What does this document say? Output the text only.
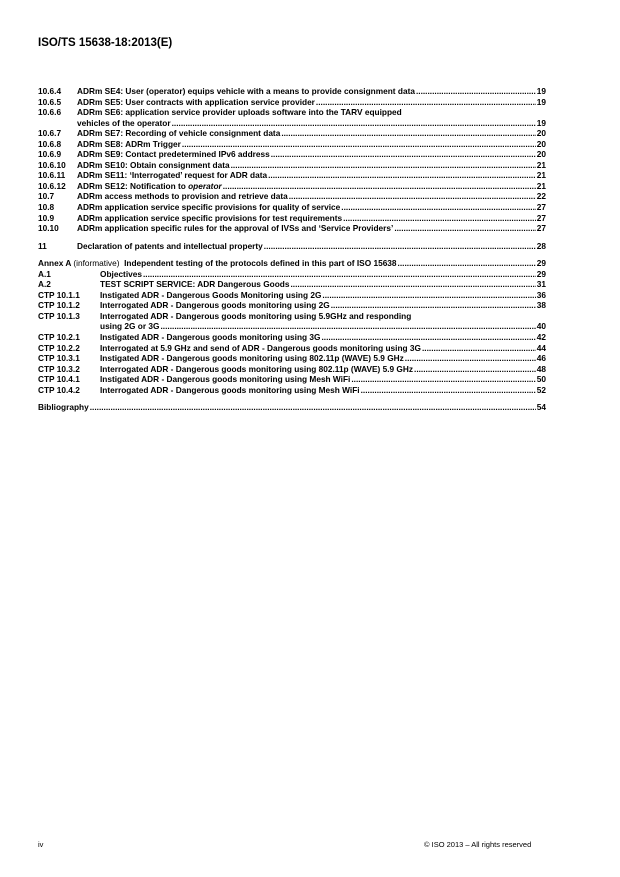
ISO/TS 15638-18:2013(E)
10.6.4	ADRm SE4: User (operator) equips vehicle with a means to provide consignment data .....	19
10.6.5	ADRm SE5: User contracts with application service provider .....	19
10.6.6	ADRm SE6: application service provider uploads software into the TARV equipped
vehicles of the operator .....	19
10.6.7	ADRm SE7: Recording of vehicle consignment data .....	20
10.6.8	ADRm SE8: ADRm Trigger .....	20
10.6.9	ADRm SE9: Contact predetermined IPv6 address .....	20
10.6.10	ADRm SE10: Obtain consignment data .....	21
10.6.11	ADRm SE11: ‘Interrogated’ request for ADR data .....	21
10.6.12	ADRm SE12: Notification to operator .....	21
10.7	ADRm access methods to provision and retrieve data .....	22
10.8	ADRm application service specific provisions for quality of service .....	27
10.9	ADRm application service specific provisions for test requirements .....	27
10.10	ADRm application specific rules for the approval of IVSs and ‘Service Providers’ .....	27
11	Declaration of patents and intellectual property .....	28
Annex A (informative) Independent testing of the protocols defined in this part of ISO 15638 .....	29
A.1	Objectives .....	29
A.2	TEST SCRIPT SERVICE: ADR Dangerous Goods .....	31
CTP 10.1.1	Instigated ADR - Dangerous Goods Monitoring using 2G .....	36
CTP 10.1.2	Interrogated ADR - Dangerous goods monitoring using 2G .....	38
CTP 10.1.3	Interrogated ADR - Dangerous goods monitoring using 5.9GHz and responding
using 2G or 3G .....	40
CTP 10.2.1	Instigated ADR - Dangerous goods monitoring using 3G .....	42
CTP 10.2.2	Interrogated at 5.9 GHz and send of ADR - Dangerous goods monitoring using 3G .....	44
CTP 10.3.1	Instigated ADR - Dangerous goods monitoring using 802.11p (WAVE) 5.9 GHz .....	46
CTP 10.3.2	Interrogated ADR - Dangerous goods monitoring using 802.11p (WAVE) 5.9 GHz .....	48
CTP 10.4.1	Instigated ADR - Dangerous goods monitoring using Mesh WiFi .....	50
CTP 10.4.2	Interrogated ADR - Dangerous goods monitoring using Mesh WiFi .....	52
Bibliography .....	54
iv	© ISO 2013 – All rights reserved
